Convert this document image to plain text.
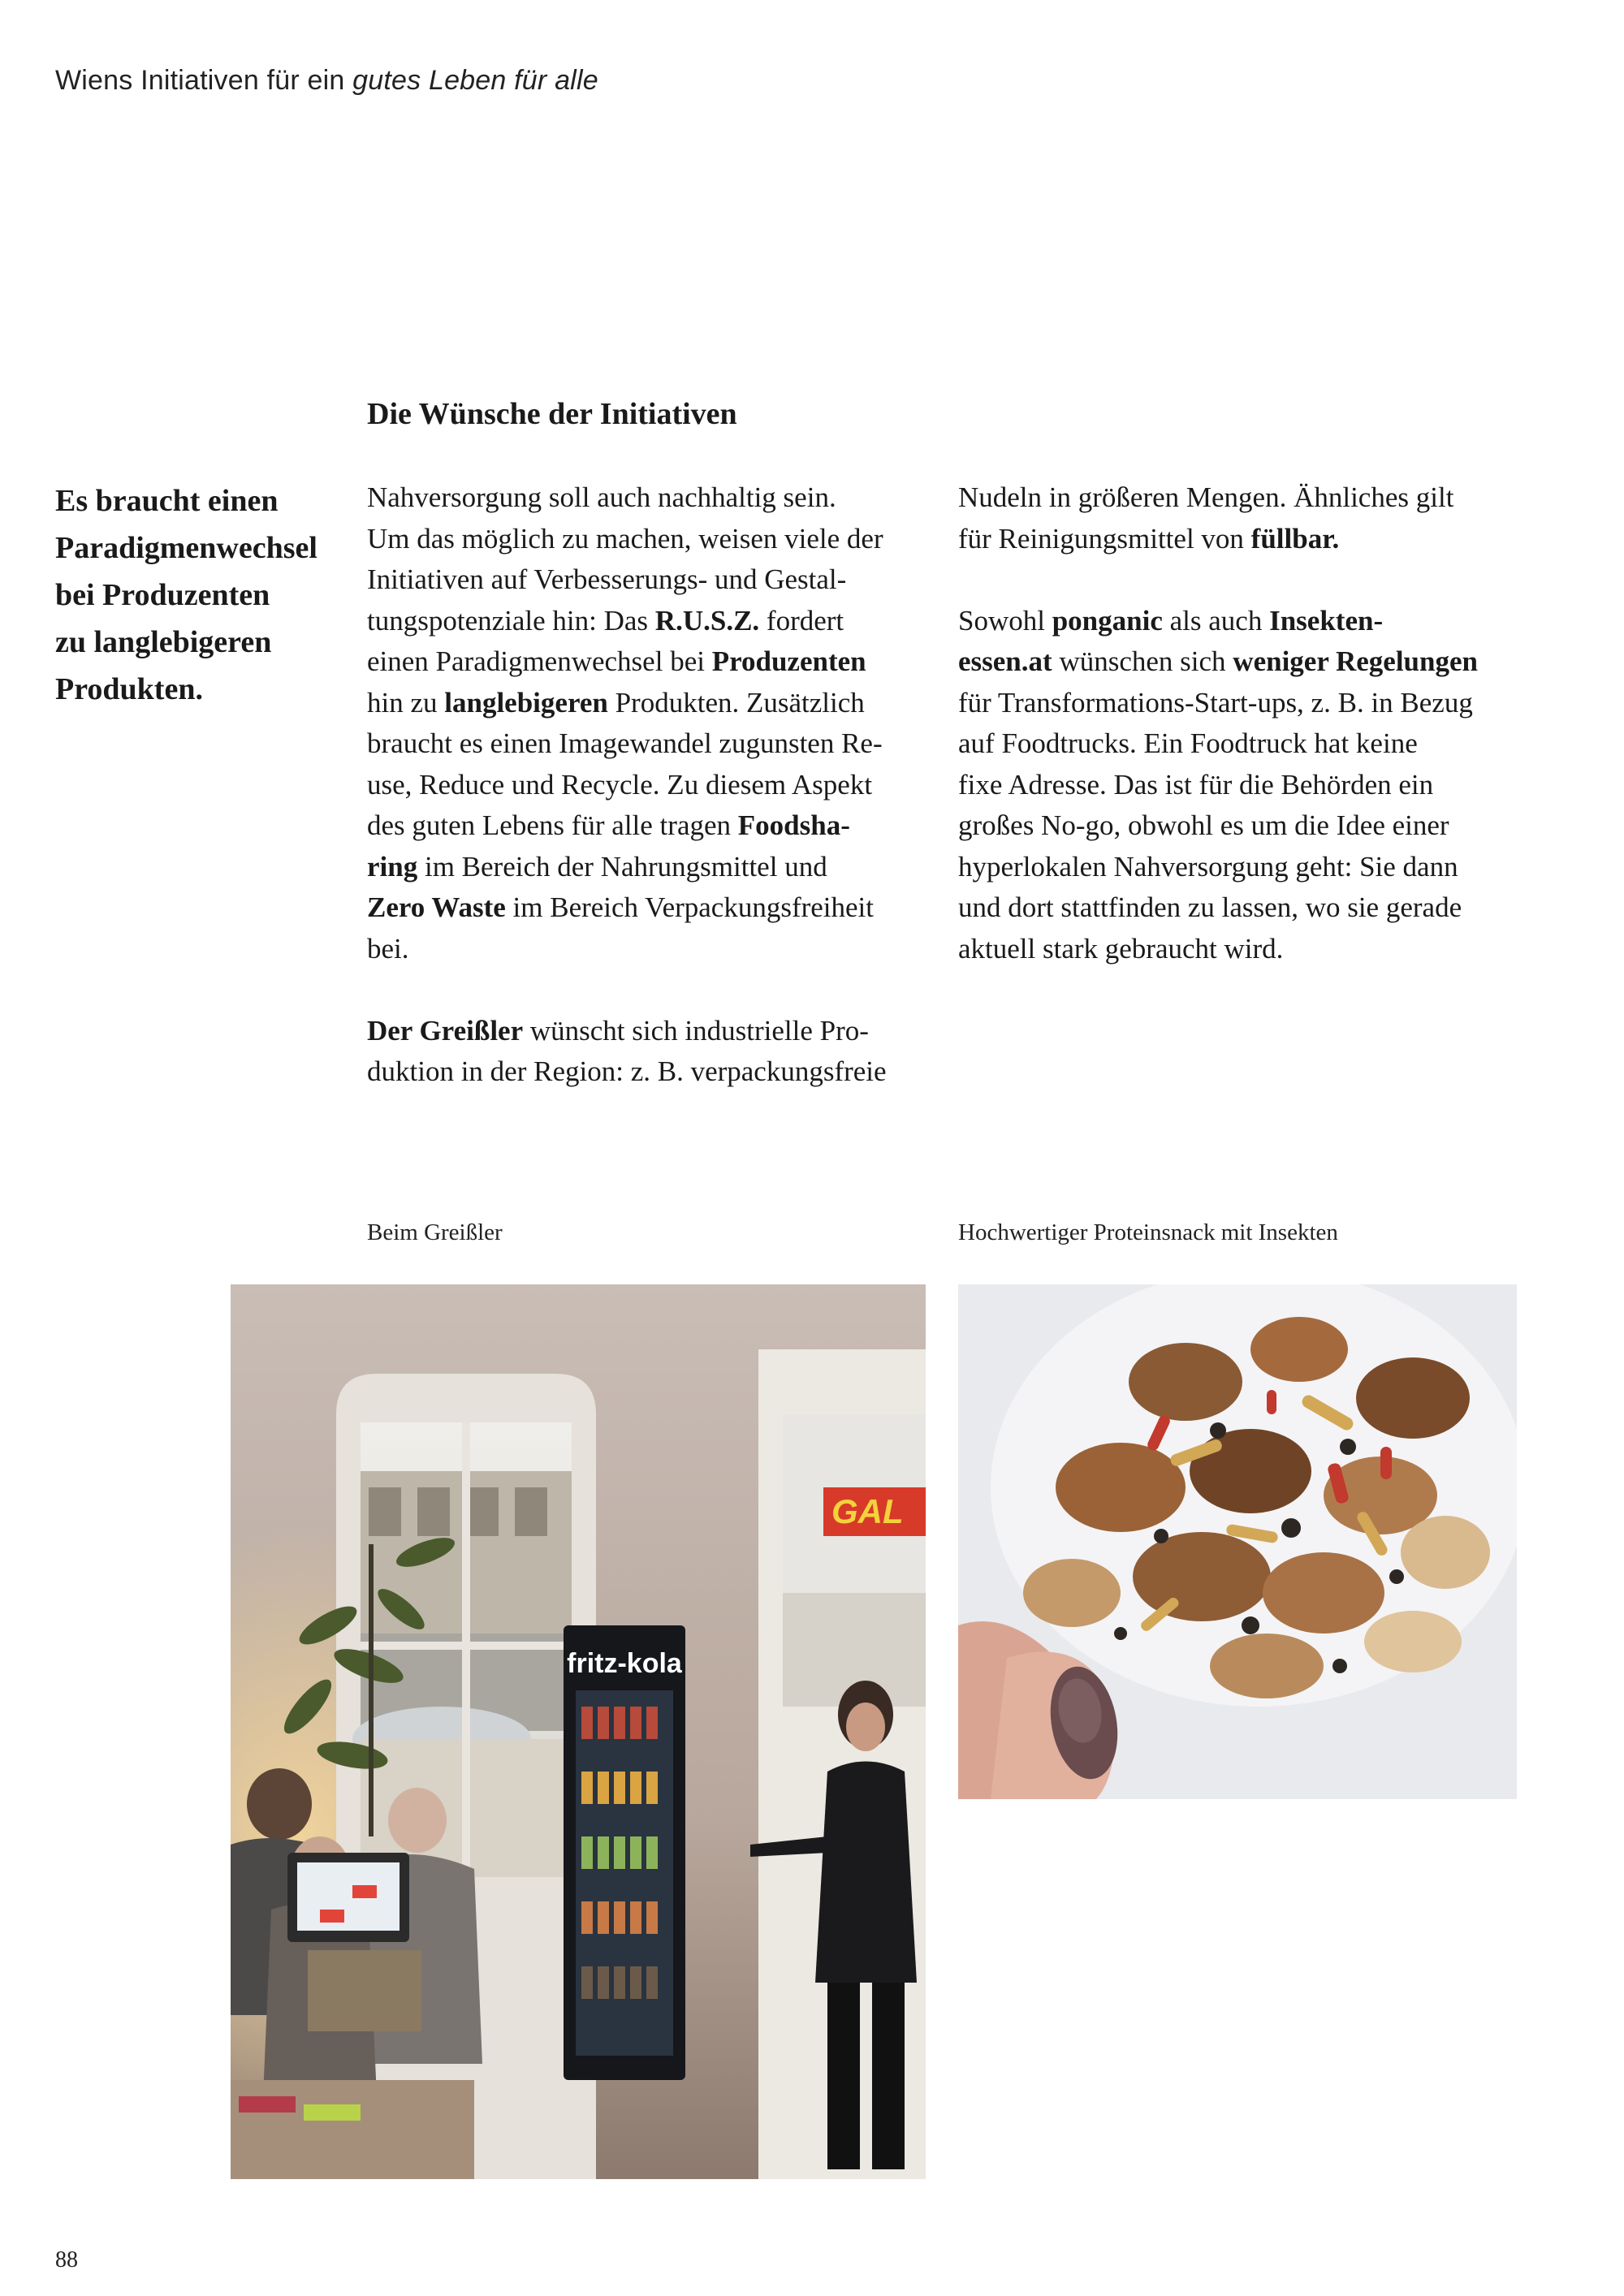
Wiens Initiativen für ein gutes Leben für alle
Die Wünsche der Initiativen
Es braucht einen
Paradigmenwechsel
bei Produzenten
zu langlebigeren
Produkten.
Nahversorgung soll auch nachhaltig sein.
Um das möglich zu machen, weisen viele der
Initiativen auf Verbesserungs- und Gestal-
tungspotenziale hin: Das R.U.S.Z. fordert
einen Paradigmenwechsel bei Produzenten
hin zu langlebigeren Produkten. Zusätzlich
braucht es einen Imagewandel zugunsten Re-
use, Reduce und Recycle. Zu diesem Aspekt
des guten Lebens für alle tragen Foodsha-
ring im Bereich der Nahrungsmittel und
Zero Waste im Bereich Verpackungsfreiheit
bei.
Der Greißler wünscht sich industrielle Pro-
duktion in der Region: z. B. verpackungsfreie
Nudeln in größeren Mengen. Ähnliches gilt
für Reinigungsmittel von füllbar.
Sowohl ponganic als auch Insekten-
essen.at wünschen sich weniger Regelungen
für Transformations-Start-ups, z. B. in Bezug
auf Foodtrucks. Ein Foodtruck hat keine
fixe Adresse. Das ist für die Behörden ein
großes No-go, obwohl es um die Idee einer
hyperlokalen Nahversorgung geht: Sie dann
und dort stattfinden zu lassen, wo sie gerade
aktuell stark gebraucht wird.
Beim Greißler	Hochwertiger Proteinsnack mit Insekten
GAL
fritz-kola
88
